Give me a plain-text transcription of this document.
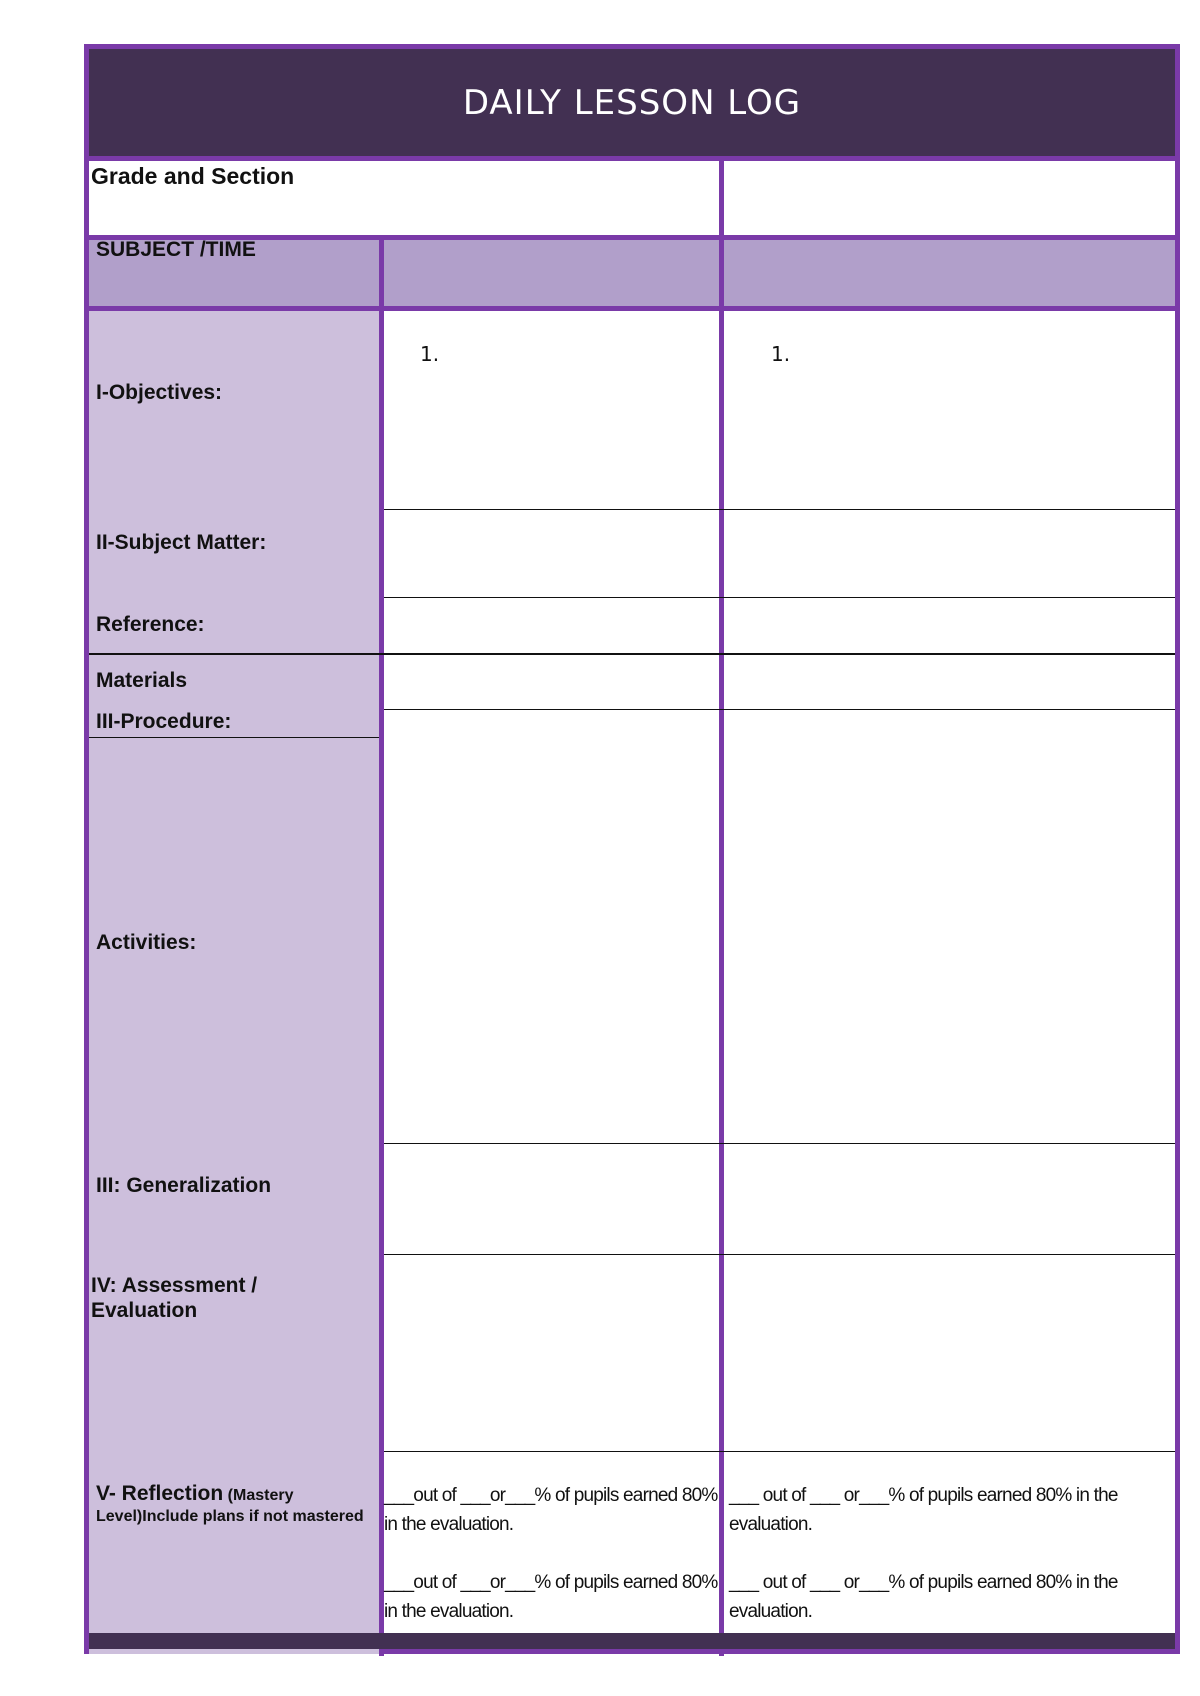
DAILY LESSON LOG
Grade and Section
SUBJECT /TIME
I-Objectives:
II-Subject Matter:
Reference:
Materials
III-Procedure:
Activities:
III: Generalization
IV: Assessment / Evaluation
V- Reflection (Mastery
Level)Include plans if not mastered
1.	1.
___out of ___or___% of pupils earned 80% in the evaluation.
___out of ___or___% of pupils earned 80% in the evaluation.
___ out of ___ or___% of pupils earned 80% in the evaluation.
___ out of ___ or___% of pupils earned 80% in the evaluation.
